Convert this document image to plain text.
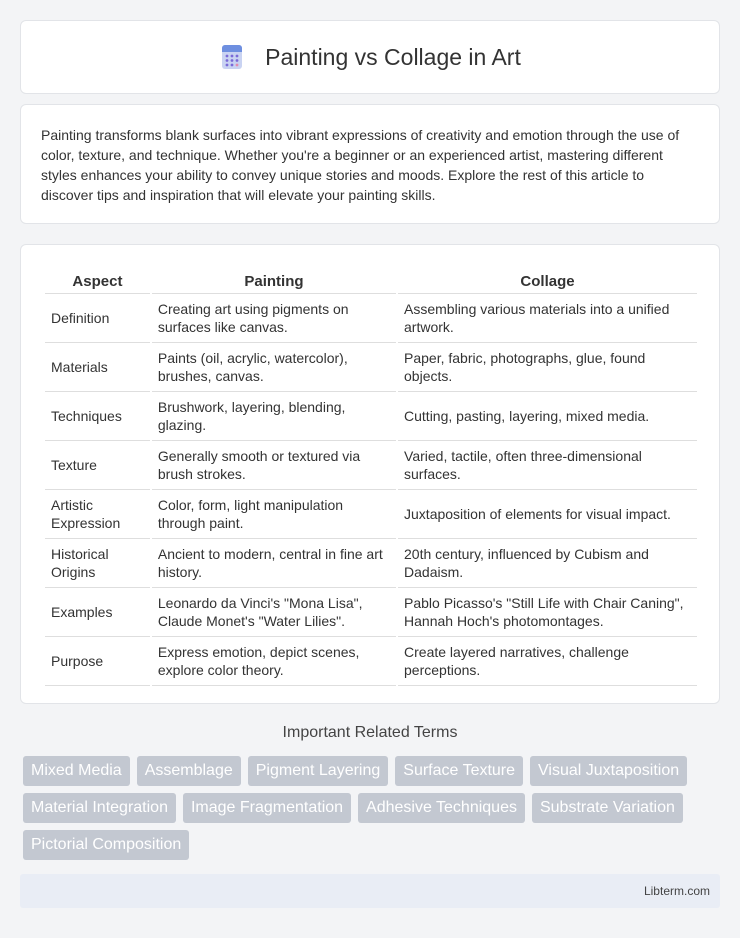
Painting vs Collage in Art

Painting transforms blank surfaces into vibrant expressions of creativity and emotion through the use of color, texture, and technique. Whether you're a beginner or an experienced artist, mastering different styles enhances your ability to convey unique stories and moods. Explore the rest of this article to discover tips and inspiration that will elevate your painting skills.

Aspect	Painting	Collage
Definition	Creating art using pigments on surfaces like canvas.	Assembling various materials into a unified artwork.
Materials	Paints (oil, acrylic, watercolor), brushes, canvas.	Paper, fabric, photographs, glue, found objects.
Techniques	Brushwork, layering, blending, glazing.	Cutting, pasting, layering, mixed media.
Texture	Generally smooth or textured via brush strokes.	Varied, tactile, often three-dimensional surfaces.
Artistic Expression	Color, form, light manipulation through paint.	Juxtaposition of elements for visual impact.
Historical Origins	Ancient to modern, central in fine art history.	20th century, influenced by Cubism and Dadaism.
Examples	Leonardo da Vinci's "Mona Lisa", Claude Monet's "Water Lilies".	Pablo Picasso's "Still Life with Chair Caning", Hannah Hoch's photomontages.
Purpose	Express emotion, depict scenes, explore color theory.	Create layered narratives, challenge perceptions.
Important Related Terms
Mixed Media	Assemblage	Pigment Layering	Surface Texture	Visual Juxtaposition
Material Integration	Image Fragmentation	Adhesive Techniques	Substrate Variation
Pictorial Composition
Libterm.com
